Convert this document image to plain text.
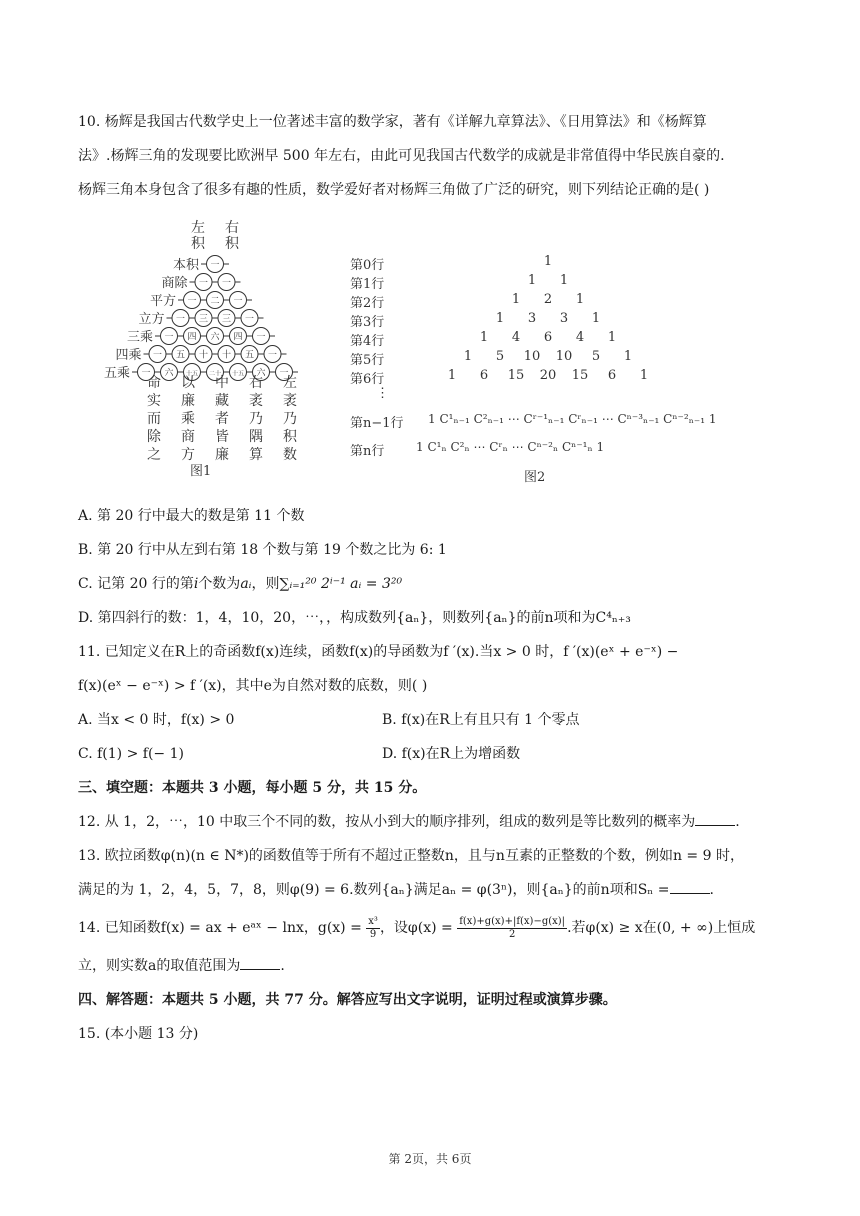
10. 杨辉是我国古代数学史上一位著述丰富的数学家，著有《详解九章算法》、《日用算法》和《杨辉算
法》.杨辉三角的发现要比欧洲早 500 年左右，由此可见我国古代数学的成就是非常值得中华民族自豪的.
杨辉三角本身包含了很多有趣的性质，数学爱好者对杨辉三角做了广泛的研究，则下列结论正确的是( )
左
积
右
积
一
本积
一 一
商除
一 二 一
平方
一 三 三 一
立方
一 四 六 四 一
三乘
一 五 十 十 五 一
四乘
一 六 十五 二十 十五 六 一
五乘
命实而除之
以廉乘商方
中藏者皆廉
右袤乃隅算
左袤乃积数
图1
第0行	1
第1行	1	1
第2行	1	2	1
第3行	1	3	3	1
第4行	1	4	6	4	1
第5行	1	5	10 10	5	1
第6行	1	6	15 20 15	6	1
⋮
第n−1行 1 C¹ₙ₋₁ C²ₙ₋₁ ⋯ Cʳ⁻¹ₙ₋₁ Cʳₙ₋₁ ⋯ Cⁿ⁻³ₙ₋₁ Cⁿ⁻²ₙ₋₁ 1
第n行	1 C¹ₙ C²ₙ ⋯ Cʳₙ ⋯ Cⁿ⁻²ₙ Cⁿ⁻¹ₙ 1
图2
A. 第 20 行中最大的数是第 11 个数
B. 第 20 行中从左到右第 18 个数与第 19 个数之比为 6: 1
C. 记第 20 行的第i个数为aᵢ，则∑ᵢ₌₁²⁰ 2ⁱ⁻¹ aᵢ = 3²⁰
D. 第四斜行的数：1，4，10，20，⋯，，构成数列{aₙ}，则数列{aₙ}的前n项和为C⁴ₙ₊₃
11. 已知定义在R上的奇函数f(x)连续，函数f(x)的导函数为f ′(x).当x > 0 时，f ′(x)(eˣ + e⁻ˣ) −
f(x)(eˣ − e⁻ˣ) > f ′(x)，其中e为自然对数的底数，则( )
A. 当x < 0 时，f(x) > 0	B. f(x)在R上有且只有 1 个零点
C. f(1) > f(− 1)	D. f(x)在R上为增函数
三、填空题：本题共 3 小题，每小题 5 分，共 15 分。
12. 从 1，2，⋯，10 中取三个不同的数，按从小到大的顺序排列，组成的数列是等比数列的概率为	.
13. 欧拉函数φ(n)(n ∈ N*)的函数值等于所有不超过正整数n，且与n互素的正整数的个数，例如n = 9 时，
满足的为 1，2，4，5，7，8，则φ(9) = 6.数列{aₙ}满足aₙ = φ(3ⁿ)，则{aₙ}的前n项和Sₙ =	.
14. 已知函数f(x) = ax + eᵃˣ − lnx，$g(x) = \frac{\text{x³}}{9}$ ，设$\varphi(x) = \frac{f(x)+g(x)+|f(x)-g(x)|}{2}$ .若φ(x) ≥ x在(0, + ∞)上恒成
立，则实数a的取值范围为	.
四、解答题：本题共 5 小题，共 77 分。解答应写出文字说明，证明过程或演算步骤。
15. (本小题 13 分)
第 2页，共 6页
